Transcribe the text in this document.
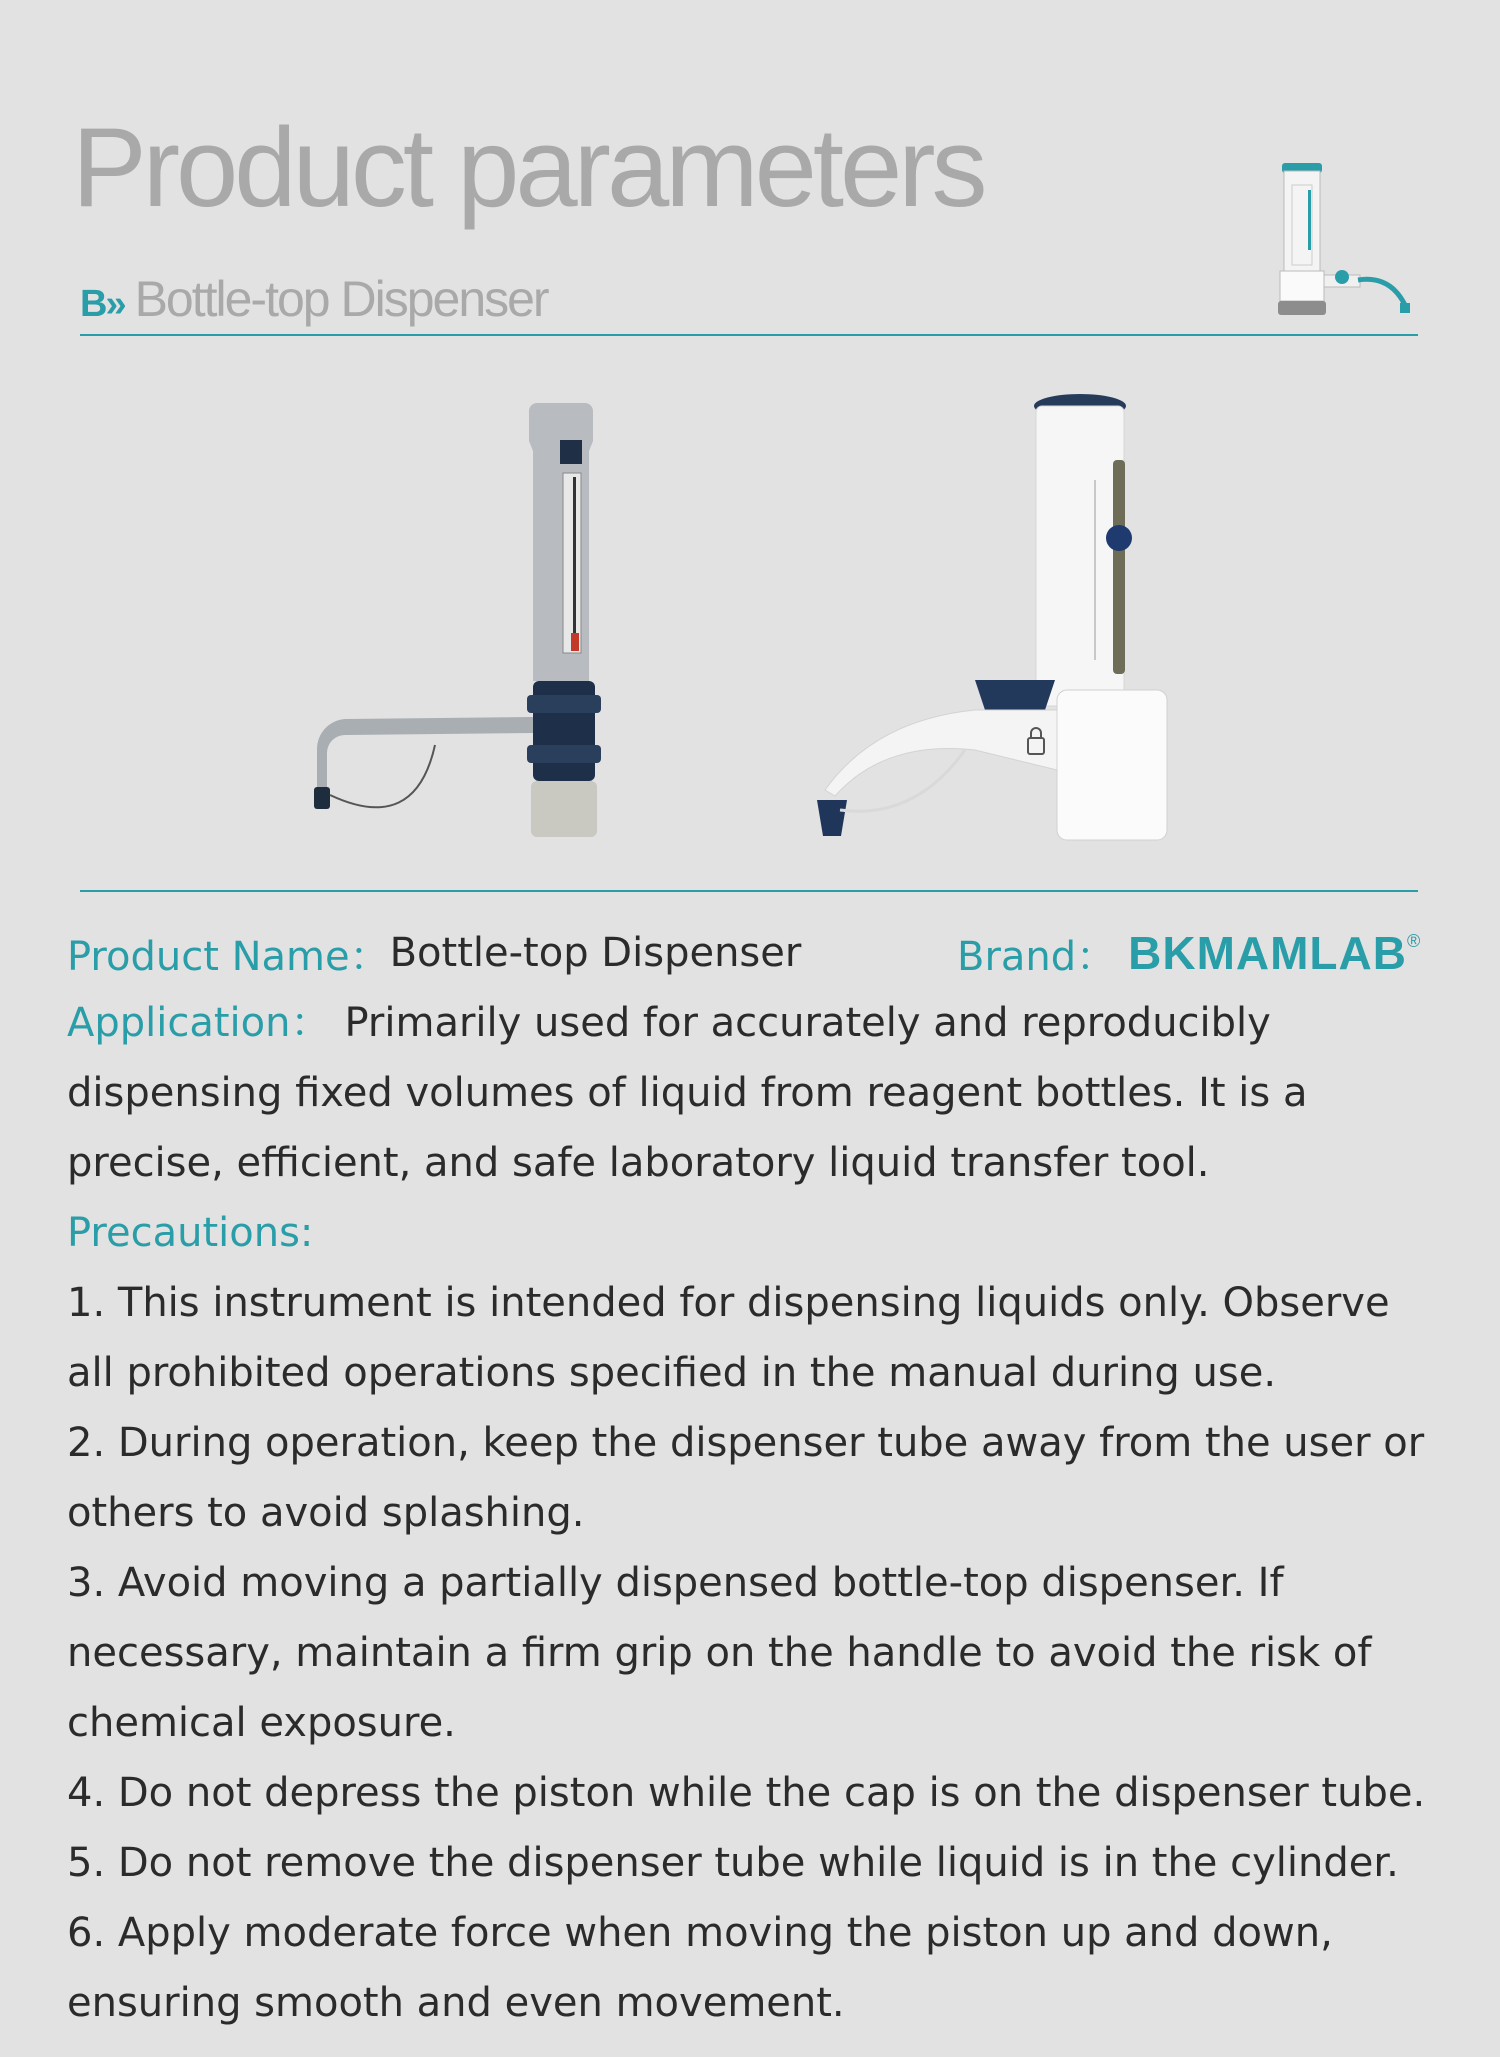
Product parameters
B» Bottle-top Dispenser
Product Name： Bottle-top Dispenser	Brand： BKMAMLAB®

Application： Primarily used for accurately and reproducibly dispensing fixed volumes of liquid from reagent bottles. It is a precise, efficient, and safe laboratory liquid transfer tool.

Precautions:

1. This instrument is intended for dispensing liquids only. Observe all prohibited operations specified in the manual during use.

2. During operation, keep the dispenser tube away from the user or others to avoid splashing.

3. Avoid moving a partially dispensed bottle-top dispenser. If necessary, maintain a firm grip on the handle to avoid the risk of chemical exposure.

4. Do not depress the piston while the cap is on the dispenser tube.

5. Do not remove the dispenser tube while liquid is in the cylinder.

6. Apply moderate force when moving the piston up and down, ensuring smooth and even movement.
